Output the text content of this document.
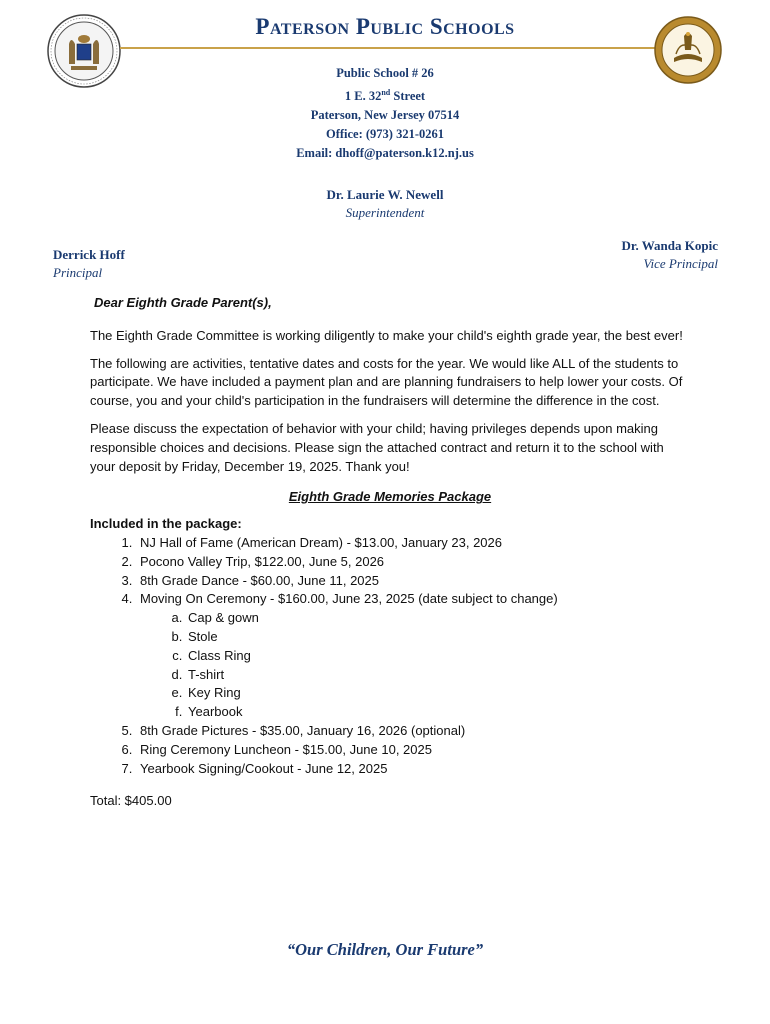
Paterson Public Schools
Public School # 26
1 E. 32nd Street
Paterson, New Jersey 07514
Office: (973) 321-0261
Email: dhoff@paterson.k12.nj.us
Dr. Laurie W. Newell
Superintendent
Derrick Hoff
Principal
Dr. Wanda Kopic
Vice Principal
Dear Eighth Grade Parent(s),

The Eighth Grade Committee is working diligently to make your child's eighth grade year, the best ever!

The following are activities, tentative dates and costs for the year. We would like ALL of the students to participate. We have included a payment plan and are planning fundraisers to help lower your costs. Of course, you and your child's participation in the fundraisers will determine the difference in the cost.

Please discuss the expectation of behavior with your child; having privileges depends upon making responsible choices and decisions. Please sign the attached contract and return it to the school with your deposit by Friday, December 19, 2025. Thank you!

Eighth Grade Memories Package
Included in the package:
1. NJ Hall of Fame (American Dream) - $13.00, January 23, 2026
2. Pocono Valley Trip, $122.00, June 5, 2026
3. 8th Grade Dance - $60.00, June 11, 2025
4. Moving On Ceremony - $160.00, June 23, 2025 (date subject to change)
a. Cap & gown
b. Stole
c. Class Ring
d. T-shirt
e. Key Ring
f. Yearbook
5. 8th Grade Pictures - $35.00, January 16, 2026 (optional)
6. Ring Ceremony Luncheon - $15.00, June 10, 2025
7. Yearbook Signing/Cookout - June 12, 2025
Total: $405.00
“Our Children, Our Future”
